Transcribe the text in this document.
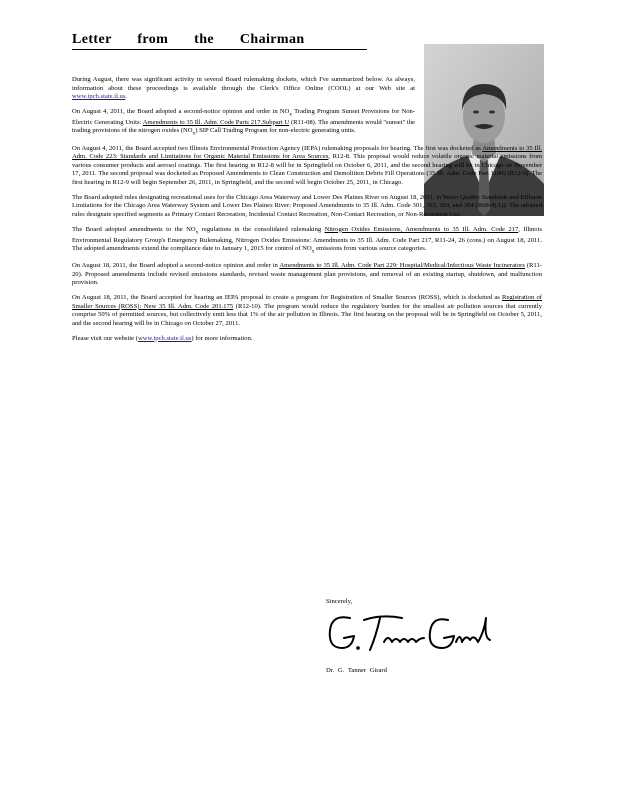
Letter from the Chairman

During August, there was significant activity in several Board rulemaking dockets, which I've summarized below. As always, information about these proceedings is available through the Clerk's Office Online (COOL) at our Web site at www.ipcb.state.il.us.

On August 4, 2011, the Board adopted a second-notice opinion and order in $NO_x$ Trading Program Sunset Provisions for Non-Electric Generating Units: Amendments to 35 Ill. Adm. Code Parts 217.Subpart U (R11-08). The amendments would "sunset" the trading provisions of the nitrogen oxides $(NO_x)$ SIP Call Trading Program for non-electric generating units.

On August 4, 2011, the Board accepted two Illinois Environmental Protection Agency (IEPA) rulemaking proposals for hearing. The first was docketed as Amendments to 35 Ill. Adm. Code 223: Standards and Limitations for Organic Material Emissions for Area Sources, R12-8. This proposal would reduce volatile organic material emissions from various consumer products and aerosol coatings. The first hearing in R12-8 will be in Springfield on October 6, 2011, and the second hearing will be in Chicago on November 17, 2011. The second proposal was docketed as Proposed Amendments to Clean Construction and Demolition Debris Fill Operations (35 Ill. Adm. Code Part 1100) (R12-9). The first hearing in R12-9 will begin September 26, 2011, in Springfield, and the second will begin October 25, 2011, in Chicago.

The Board adopted rules designating recreational uses for the Chicago Area Waterway and Lower Des Plaines River on August 18, 2011, in Water Quality Standards and Effluent Limitations for the Chicago Area Waterway System and Lower Des Plaines River: Proposed Amendments to 35 Ill. Adm. Code 301, 302, 303, and 304 (R08-9(A)). The adopted rules designate specified segments as Primary Contact Recreation, Incidental Contact Recreation, Non-Contact Recreation, or Non-Recreation Use.

The Board adopted amendments to the $NO_x$ regulations in the consolidated rulemaking Nitrogen Oxides Emissions, Amendments to 35 Ill. Adm. Code 217, Illinois Environmental Regulatory Group's Emergency Rulemaking, Nitrogen Oxides Emissions: Amendments to 35 Ill. Adm. Code Part 217, R11-24, 26 (cons.) on August 18, 2011. The adopted amendments extend the compliance date to January 1, 2015 for control of $NO_x$ emissions from various source categories.

On August 18, 2011, the Board adopted a second-notice opinion and order in Amendments to 35 Ill. Adm. Code Part 229: Hospital/Medical/Infectious Waste Incinerators (R11-20). Proposed amendments include revised emissions standards, revised waste management plan provisions, and removal of an existing startup, shutdown, and malfunction provision.

On August 18, 2011, the Board accepted for hearing an IEPA proposal to create a program for Registration of Smaller Sources (ROSS), which is docketed as Registration of Smaller Sources (ROSS): New 35 Ill. Adm. Code 201.175 (R12-10). The program would reduce the regulatory burden for the smallest air pollution sources that currently comprise 50% of permitted sources, but collectively emit less that 1% of the air pollution in Illinois. The first hearing on the proposal will be in Springfield on October 5, 2011, and the second hearing will be in Chicago on October 27, 2011.

Please visit our website (www.ipcb.state.il.us) for more information.

Sincerely,
Dr. G. Tanner Girard
